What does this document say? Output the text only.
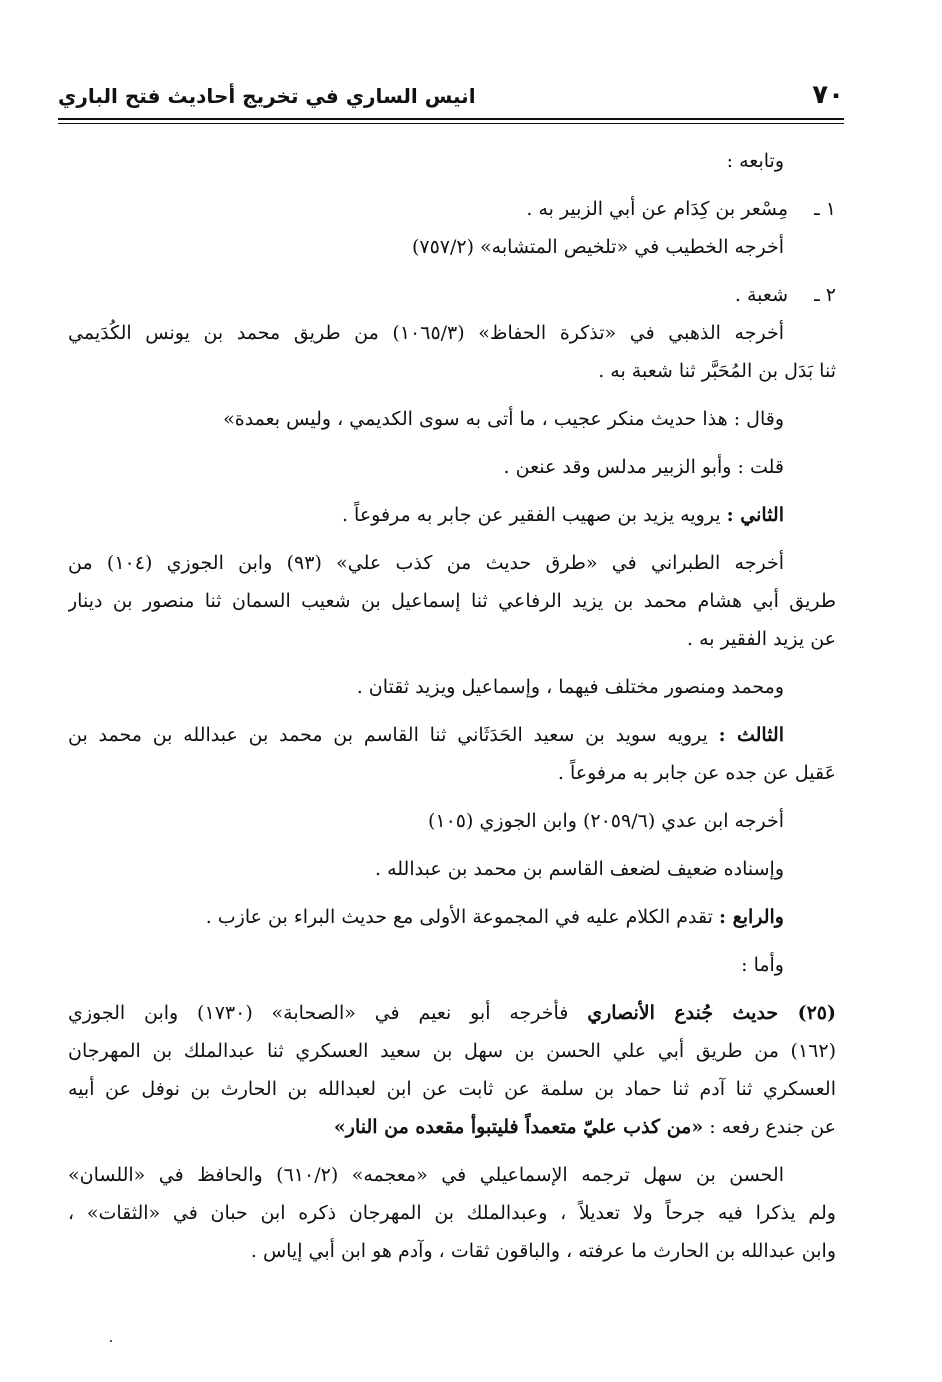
٧٠
انيس الساري في تخريج أحاديث فتح الباري
وتابعه :
١ ـمِسْعر بن كِدَام عن أبي الزبير به .
أخرجه الخطيب في «تلخيص المتشابه» (٧٥٧/٢)
٢ ـشعبة .
أخرجه الذهبي في «تذكرة الحفاظ» (١٠٦٥/٣) من طريق محمد بن يونس الكُدَيمي
ثنا بَدَل بن المُحَبَّر ثنا شعبة به .
وقال : هذا حديث منكر عجيب ، ما أتى به سوى الكديمي ، وليس بعمدة»
قلت : وأبو الزبير مدلس وقد عنعن .
الثاني : يرويه يزيد بن صهيب الفقير عن جابر به مرفوعاً .
أخرجه الطبراني في «طرق حديث من كذب علي» (٩٣) وابن الجوزي (١٠٤) من
طريق أبي هشام محمد بن يزيد الرفاعي ثنا إسماعيل بن شعيب السمان ثنا منصور بن دينار
عن يزيد الفقير به .
ومحمد ومنصور مختلف فيهما ، وإسماعيل ويزيد ثقتان .
الثالث : يرويه سويد بن سعيد الحَدَثَاني ثنا القاسم بن محمد بن عبدالله بن محمد بن
عَقيل عن جده عن جابر به مرفوعاً .
أخرجه ابن عدي (٢٠٥٩/٦) وابن الجوزي (١٠٥)
وإسناده ضعيف لضعف القاسم بن محمد بن عبدالله .
والرابع : تقدم الكلام عليه في المجموعة الأولى مع حديث البراء بن عازب .
وأما :
(٢٥) حديث جُندع الأنصاري فأخرجه أبو نعيم في «الصحابة» (١٧٣٠) وابن الجوزي
(١٦٢) من طريق أبي علي الحسن بن سهل بن سعيد العسكري ثنا عبدالملك بن المهرجان
العسكري ثنا آدم ثنا حماد بن سلمة عن ثابت عن ابن لعبدالله بن الحارث بن نوفل عن أبيه
عن جندع رفعه : «من كذب عليّ متعمداً فليتبوأ مقعده من النار»
الحسن بن سهل ترجمه الإسماعيلي في «معجمه» (٦١٠/٢) والحافظ في «اللسان»
ولم يذكرا فيه جرحاً ولا تعديلاً ، وعبدالملك بن المهرجان ذكره ابن حبان في «الثقات» ،
وابن عبدالله بن الحارث ما عرفته ، والباقون ثقات ، وآدم هو ابن أبي إياس .
